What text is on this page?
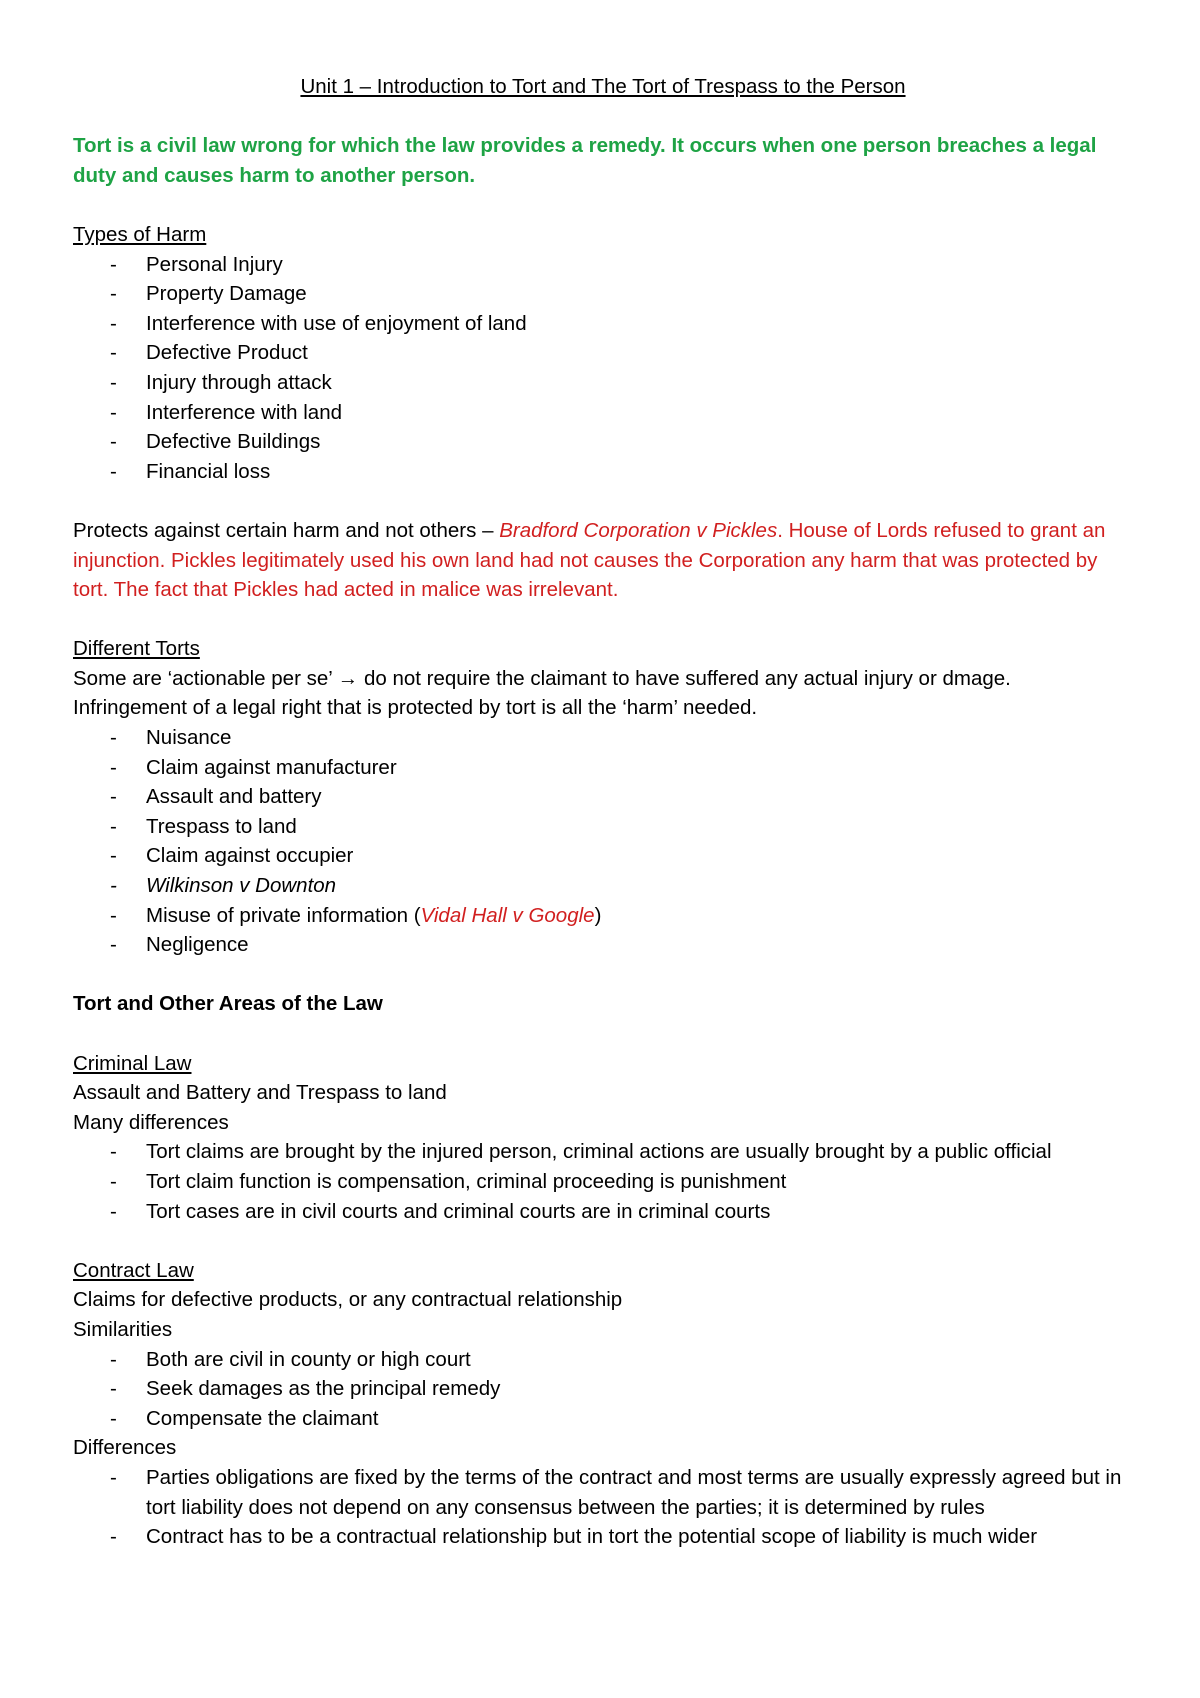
Unit 1 – Introduction to Tort and The Tort of Trespass to the Person

Tort is a civil law wrong for which the law provides a remedy. It occurs when one person breaches a legal duty and causes harm to another person.

Types of Harm

- Personal Injury
- Property Damage
- Interference with use of enjoyment of land
- Defective Product
- Injury through attack
- Interference with land
- Defective Buildings
- Financial loss

Protects against certain harm and not others – Bradford Corporation v Pickles. House of Lords refused to grant an injunction. Pickles legitimately used his own land had not causes the Corporation any harm that was protected by tort. The fact that Pickles had acted in malice was irrelevant.

Different Torts

Some are ‘actionable per se’ → do not require the claimant to have suffered any actual injury or dmage.

Infringement of a legal right that is protected by tort is all the ‘harm’ needed.

- Nuisance
- Claim against manufacturer
- Assault and battery
- Trespass to land
- Claim against occupier
- Wilkinson v Downton
- Misuse of private information (Vidal Hall v Google)
- Negligence

Tort and Other Areas of the Law

Criminal Law

Assault and Battery and Trespass to land

Many differences

- Tort claims are brought by the injured person, criminal actions are usually brought by a public official
- Tort claim function is compensation, criminal proceeding is punishment
- Tort cases are in civil courts and criminal courts are in criminal courts

Contract Law

Claims for defective products, or any contractual relationship

Similarities

- Both are civil in county or high court
- Seek damages as the principal remedy
- Compensate the claimant

Differences

- Parties obligations are fixed by the terms of the contract and most terms are usually expressly agreed but in tort liability does not depend on any consensus between the parties; it is determined by rules
- Contract has to be a contractual relationship but in tort the potential scope of liability is much wider
